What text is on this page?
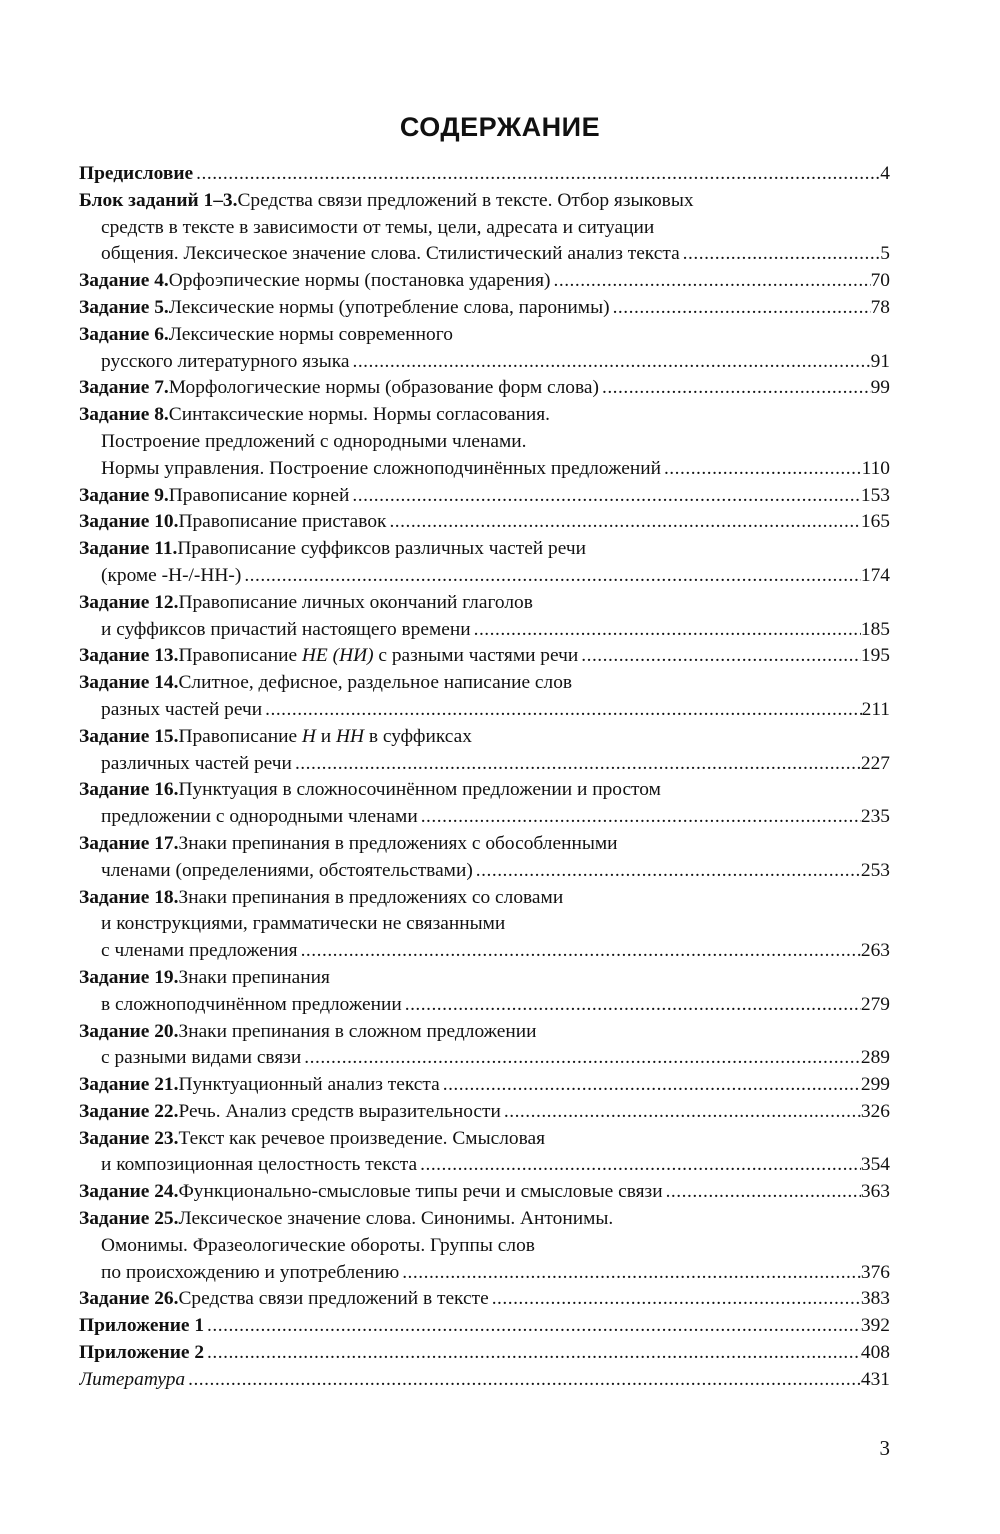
СОДЕРЖАНИЕ
Предисловие .....	4
Блок заданий 1–3. Средства связи предложений в тексте. Отбор языковых
средств в тексте в зависимости от темы, цели, адресата и ситуации
общения. Лексическое значение слова. Стилистический анализ текста .....	5
Задание 4. Орфоэпические нормы (постановка ударения) .....	70
Задание 5. Лексические нормы (употребление слова, паронимы) .....	78
Задание 6. Лексические нормы современного
русского литературного языка .....	91
Задание 7. Морфологические нормы (образование форм слова) .....	99
Задание 8. Синтаксические нормы. Нормы согласования.
Построение предложений с однородными членами.
Нормы управления. Построение сложноподчинённых предложений .....	110
Задание 9. Правописание корней .....	153
Задание 10. Правописание приставок .....	165
Задание 11. Правописание суффиксов различных частей речи
(кроме -Н-/-НН-) .....	174
Задание 12. Правописание личных окончаний глаголов
и суффиксов причастий настоящего времени .....	185
Задание 13. Правописание НЕ (НИ) с разными частями речи .....	195
Задание 14. Слитное, дефисное, раздельное написание слов
разных частей речи .....	211
Задание 15. Правописание Н и НН в суффиксах
различных частей речи .....	227
Задание 16. Пунктуация в сложносочинённом предложении и простом
предложении с однородными членами .....	235
Задание 17. Знаки препинания в предложениях с обособленными
членами (определениями, обстоятельствами) .....	253
Задание 18. Знаки препинания в предложениях со словами
и конструкциями, грамматически не связанными
с членами предложения .....	263
Задание 19. Знаки препинания
в сложноподчинённом предложении .....	279
Задание 20. Знаки препинания в сложном предложении
с разными видами связи .....	289
Задание 21. Пунктуационный анализ текста .....	299
Задание 22. Речь. Анализ средств выразительности .....	326
Задание 23. Текст как речевое произведение. Смысловая
и композиционная целостность текста .....	354
Задание 24. Функционально-смысловые типы речи и смысловые связи .....	363
Задание 25. Лексическое значение слова. Синонимы. Антонимы.
Омонимы. Фразеологические обороты. Группы слов
по происхождению и употреблению .....	376
Задание 26. Средства связи предложений в тексте .....	383
Приложение 1 .....	392
Приложение 2 .....	408
Литература .....	431
3
